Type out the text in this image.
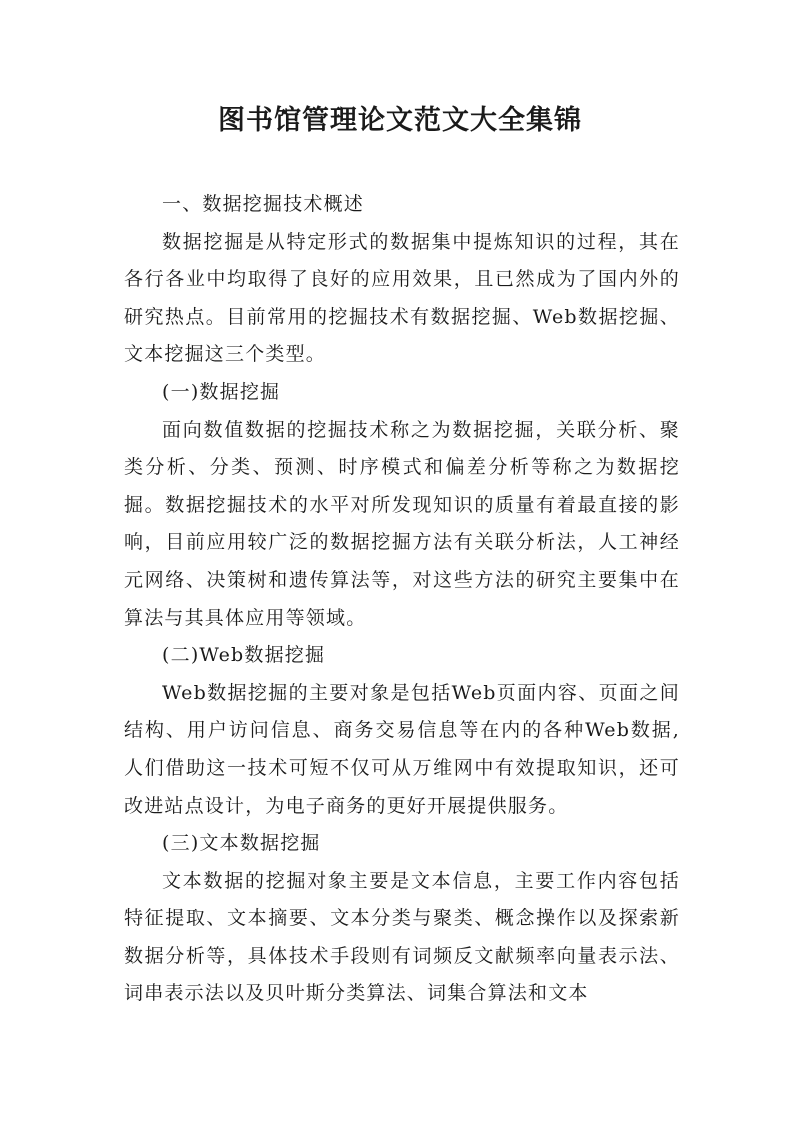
图书馆管理论文范文大全集锦

一、数据挖掘技术概述

数据挖掘是从特定形式的数据集中提炼知识的过程，其在各行各业中均取得了良好的应用效果，且已然成为了国内外的研究热点。目前常用的挖掘技术有数据挖掘、Web数据挖掘、文本挖掘这三个类型。

(一)数据挖掘

面向数值数据的挖掘技术称之为数据挖掘，关联分析、聚类分析、分类、预测、时序模式和偏差分析等称之为数据挖掘。数据挖掘技术的水平对所发现知识的质量有着最直接的影响，目前应用较广泛的数据挖掘方法有关联分析法，人工神经元网络、决策树和遗传算法等，对这些方法的研究主要集中在算法与其具体应用等领域。

(二)Web数据挖掘

Web数据挖掘的主要对象是包括Web页面内容、页面之间结构、用户访问信息、商务交易信息等在内的各种Web数据,人们借助这一技术可短不仅可从万维网中有效提取知识，还可改进站点设计，为电子商务的更好开展提供服务。

(三)文本数据挖掘

文本数据的挖掘对象主要是文本信息，主要工作内容包括特征提取、文本摘要、文本分类与聚类、概念操作以及探索新数据分析等，具体技术手段则有词频反文献频率向量表示法、词串表示法以及贝叶斯分类算法、词集合算法和文本
